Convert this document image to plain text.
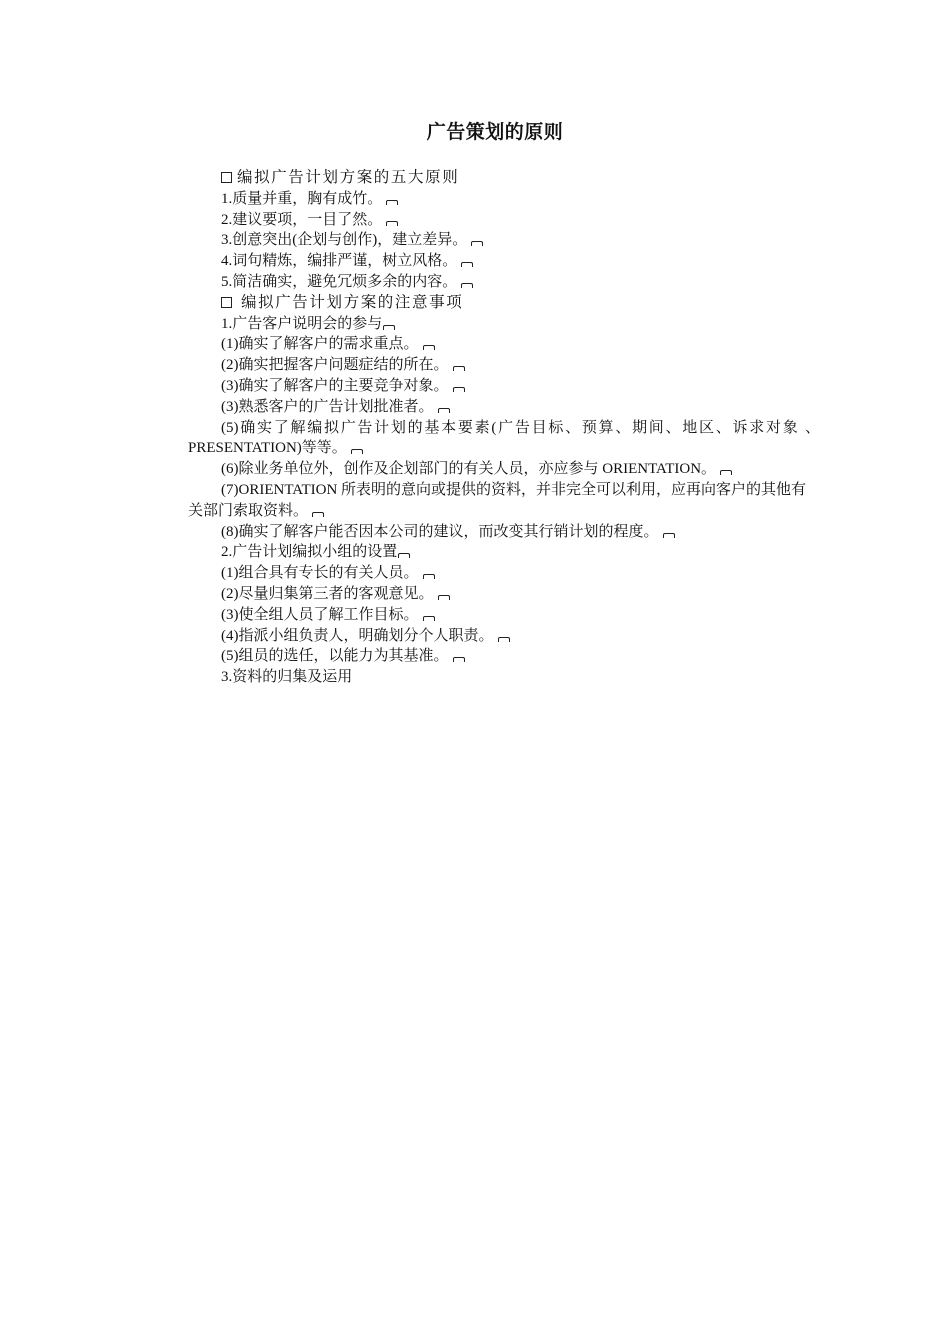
广告策划的原则
编拟广告计划方案的五大原则
1.质量并重，胸有成竹。
2.建议要项，一目了然。
3.创意突出(企划与创作)，建立差异。
4.词句精炼，编排严谨，树立风格。
5.简洁确实，避免冗烦多余的内容。
编拟广告计划方案的注意事项
1.广告客户说明会的参与
(1)确实了解客户的需求重点。
(2)确实把握客户问题症结的所在。
(3)确实了解客户的主要竞争对象。
(3)熟悉客户的广告计划批准者。
(5)确实了解编拟广告计划的基本要素(广告目标、预算、期间、地区、诉求对象 、PRESENTATION)等等。
(6)除业务单位外，创作及企划部门的有关人员，亦应参与 ORIENTATION。
(7)ORIENTATION 所表明的意向或提供的资料，并非完全可以利用，应再向客户的其他有关部门索取资料。
(8)确实了解客户能否因本公司的建议，而改变其行销计划的程度。
2.广告计划编拟小组的设置
(1)组合具有专长的有关人员。
(2)尽量归集第三者的客观意见。
(3)使全组人员了解工作目标。
(4)指派小组负责人，明确划分个人职责。
(5)组员的选任，以能力为其基准。
3.资料的归集及运用
